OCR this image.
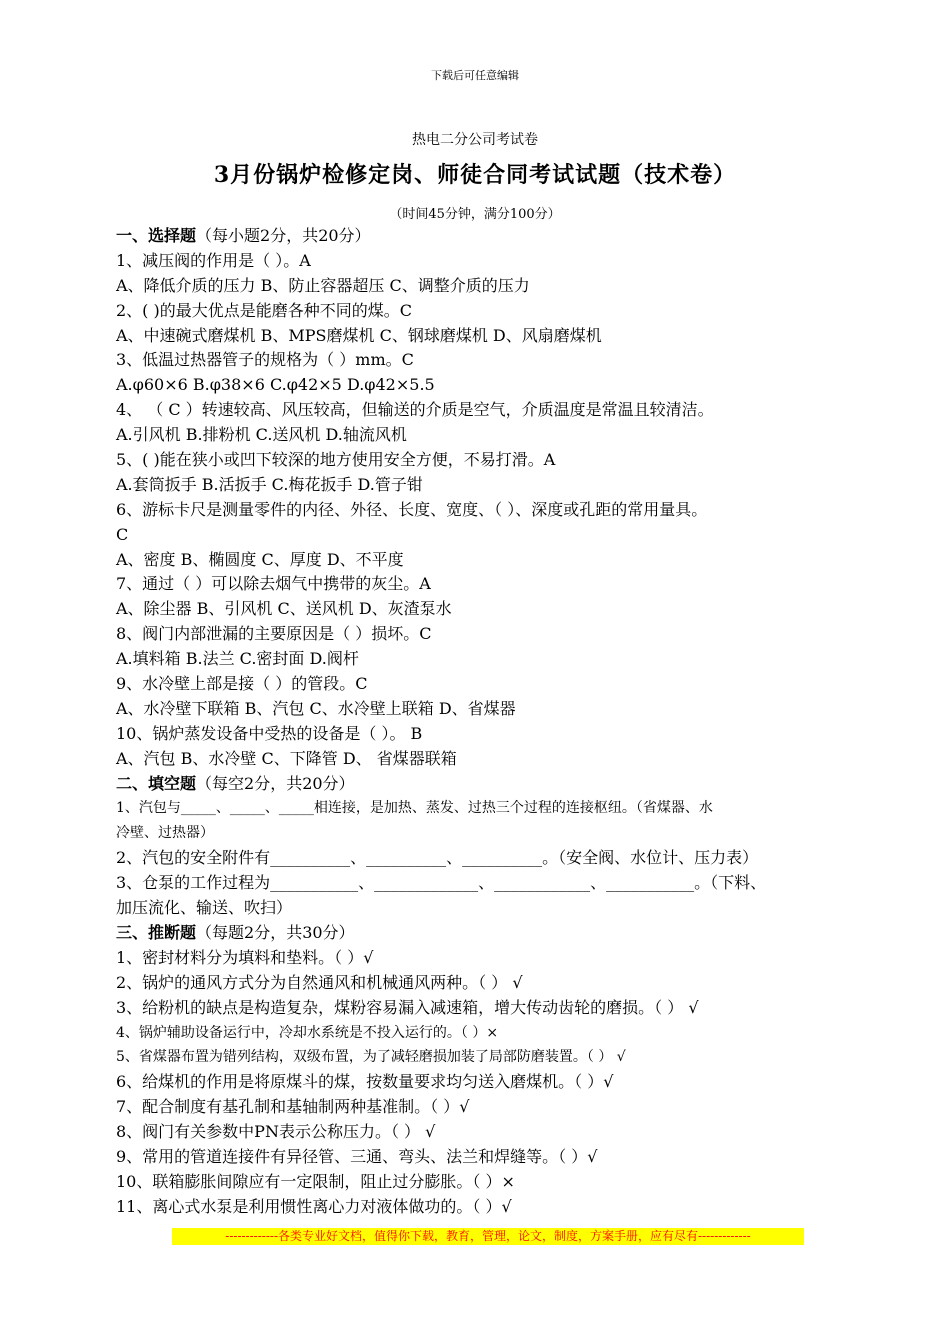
下载后可任意编辑
热电二分公司考试卷
3月份锅炉检修定岗、师徒合同考试试题（技术卷）
（时间45分钟，满分100分）
一、选择题（每小题2分，共20分）
1、减压阀的作用是（ ）。A
A、降低介质的压力 B、防止容器超压 C、调整介质的压力
2、( )的最大优点是能磨各种不同的煤。C
A、中速碗式磨煤机 B、MPS磨煤机 C、钢球磨煤机 D、风扇磨煤机
3、低温过热器管子的规格为（ ）mm。C
A.φ60×6 B.φ38×6 C.φ42×5 D.φ42×5.5
4、 （ C ）转速较高、风压较高，但输送的介质是空气，介质温度是常温且较清洁。
A.引风机 B.排粉机 C.送风机 D.轴流风机
5、( )能在狭小或凹下较深的地方使用安全方便，不易打滑。A
A.套筒扳手 B.活扳手 C.梅花扳手 D.管子钳
6、游标卡尺是测量零件的内径、外径、长度、宽度、（ ）、深度或孔距的常用量具。
C
A、密度 B、椭圆度 C、厚度 D、不平度
7、通过（ ）可以除去烟气中携带的灰尘。A
A、除尘器 B、引风机 C、送风机 D、灰渣泵水
8、阀门内部泄漏的主要原因是（ ）损坏。C
A.填料箱 B.法兰 C.密封面 D.阀杆
9、水冷壁上部是接（ ）的管段。C
A、水冷壁下联箱 B、汽包 C、水冷壁上联箱 D、省煤器
10、锅炉蒸发设备中受热的设备是（ ）。 B
A、汽包 B、水冷壁 C、下降管 D、 省煤器联箱
二、填空题（每空2分，共20分）
1、汽包与_____、_____、_____相连接，是加热、蒸发、过热三个过程的连接枢纽。（省煤器、水
冷壁、过热器）
2、汽包的安全附件有__________、__________、__________。（安全阀、水位计、压力表）
3、仓泵的工作过程为___________、_____________、____________、___________。（下料、
加压流化、输送、吹扫）
三、推断题（每题2分，共30分）
1、密封材料分为填料和垫料。（ ）√
2、锅炉的通风方式分为自然通风和机械通风两种。（ ） √
3、给粉机的缺点是构造复杂，煤粉容易漏入减速箱，增大传动齿轮的磨损。（ ） √
4、锅炉辅助设备运行中，冷却水系统是不投入运行的。（ ）×
5、省煤器布置为错列结构，双级布置，为了减轻磨损加装了局部防磨装置。（ ） √
6、给煤机的作用是将原煤斗的煤，按数量要求均匀送入磨煤机。（ ）√
7、配合制度有基孔制和基轴制两种基准制。（ ）√
8、阀门有关参数中PN表示公称压力。（ ） √
9、常用的管道连接件有异径管、三通、弯头、法兰和焊缝等。（ ）√
10、联箱膨胀间隙应有一定限制，阻止过分膨胀。（ ）×
11、离心式水泵是利用惯性离心力对液体做功的。（ ）√
-------------各类专业好文档，值得你下载，教育，管理，论文，制度，方案手册，应有尽有-------------
